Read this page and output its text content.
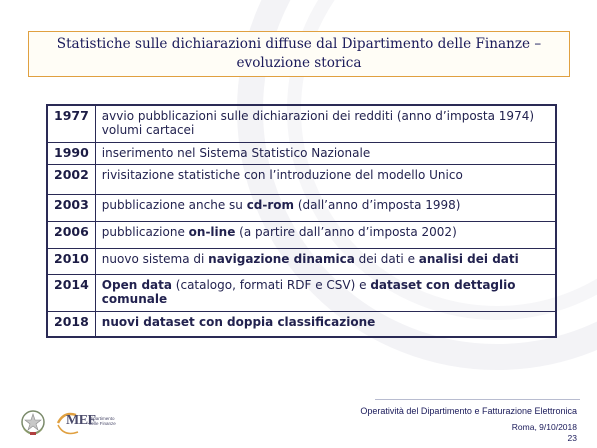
Statistiche sulle dichiarazioni diffuse dal Dipartimento delle Finanze – evoluzione storica
1977	avvio pubblicazioni sulle dichiarazioni dei redditi (anno d’imposta 1974) volumi cartacei
1990	inserimento nel Sistema Statistico Nazionale
2002	rivisitazione statistiche con l’introduzione del modello Unico
2003	pubblicazione anche su cd-rom (dall’anno d’imposta 1998)
2006	pubblicazione on-line (a partire dall’anno d’imposta 2002)
2010	nuovo sistema di navigazione dinamica dei dati e analisi dei dati
2014	Open data (catalogo, formati RDF e CSV) e dataset con dettaglio comunale
2018	nuovi dataset con doppia classificazione
MEF
Dipartimento delle Finanze
Operatività del Dipartimento e Fatturazione Elettronica
Roma, 9/10/2018
23
